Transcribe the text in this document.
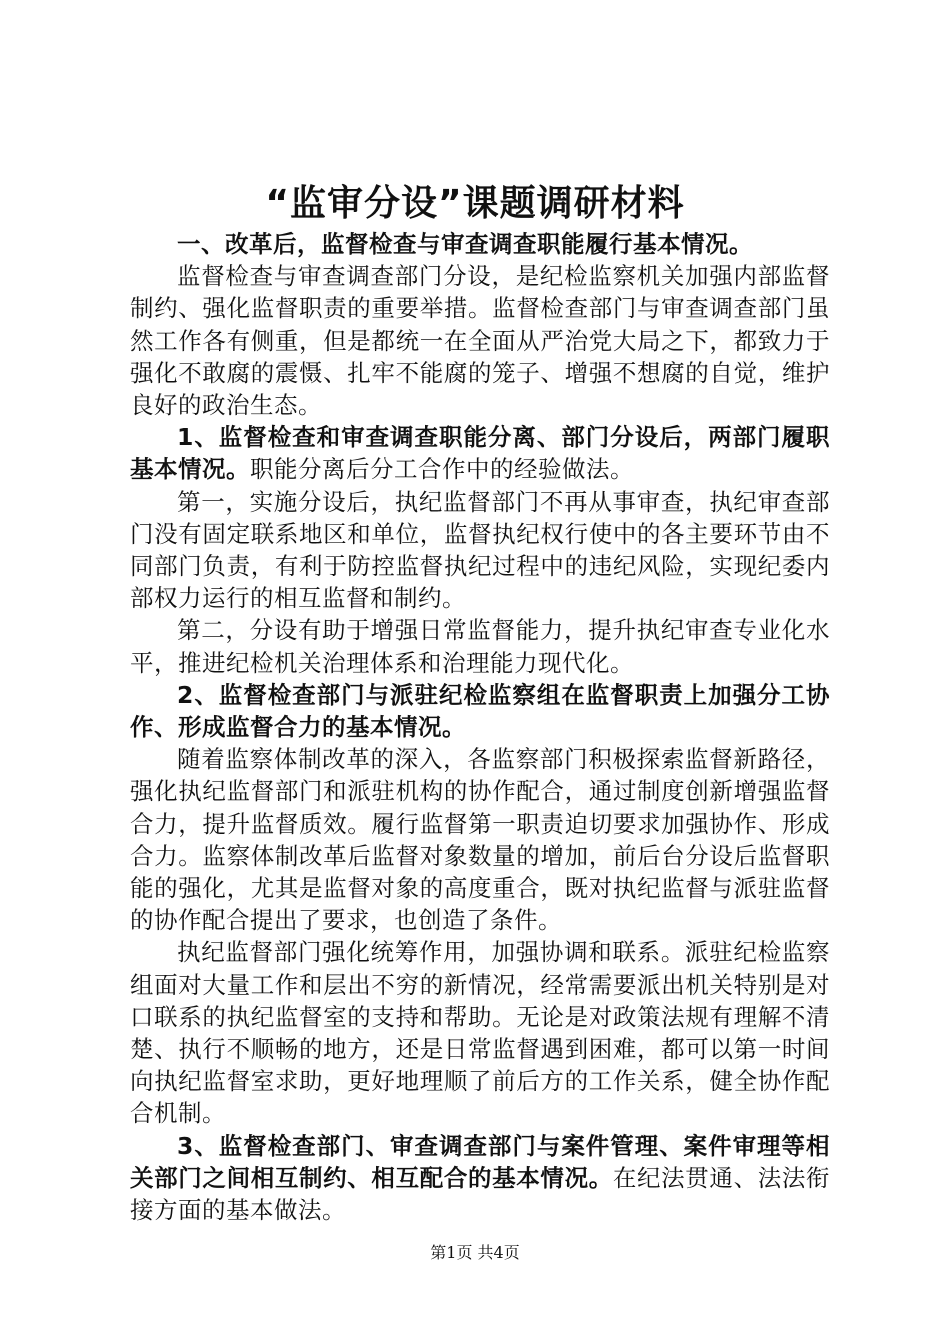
“监审分设”课题调研材料

一、改革后，监督检查与审查调查职能履行基本情况。

监督检查与审查调查部门分设，是纪检监察机关加强内部监督制约、强化监督职责的重要举措。监督检查部门与审查调查部门虽然工作各有侧重，但是都统一在全面从严治党大局之下，都致力于强化不敢腐的震慑、扎牢不能腐的笼子、增强不想腐的自觉，维护良好的政治生态。

1、监督检查和审查调查职能分离、部门分设后，两部门履职基本情况。职能分离后分工合作中的经验做法。

第一，实施分设后，执纪监督部门不再从事审查，执纪审查部门没有固定联系地区和单位，监督执纪权行使中的各主要环节由不同部门负责，有利于防控监督执纪过程中的违纪风险，实现纪委内部权力运行的相互监督和制约。

第二，分设有助于增强日常监督能力，提升执纪审查专业化水平，推进纪检机关治理体系和治理能力现代化。

2、监督检查部门与派驻纪检监察组在监督职责上加强分工协作、形成监督合力的基本情况。

随着监察体制改革的深入，各监察部门积极探索监督新路径，强化执纪监督部门和派驻机构的协作配合，通过制度创新增强监督合力，提升监督质效。履行监督第一职责迫切要求加强协作、形成合力。监察体制改革后监督对象数量的增加，前后台分设后监督职能的强化，尤其是监督对象的高度重合，既对执纪监督与派驻监督的协作配合提出了要求，也创造了条件。

执纪监督部门强化统筹作用，加强协调和联系。派驻纪检监察组面对大量工作和层出不穷的新情况，经常需要派出机关特别是对口联系的执纪监督室的支持和帮助。无论是对政策法规有理解不清楚、执行不顺畅的地方，还是日常监督遇到困难，都可以第一时间向执纪监督室求助，更好地理顺了前后方的工作关系，健全协作配合机制。

3、监督检查部门、审查调查部门与案件管理、案件审理等相关部门之间相互制约、相互配合的基本情况。在纪法贯通、法法衔接方面的基本做法。

第1页 共4页
